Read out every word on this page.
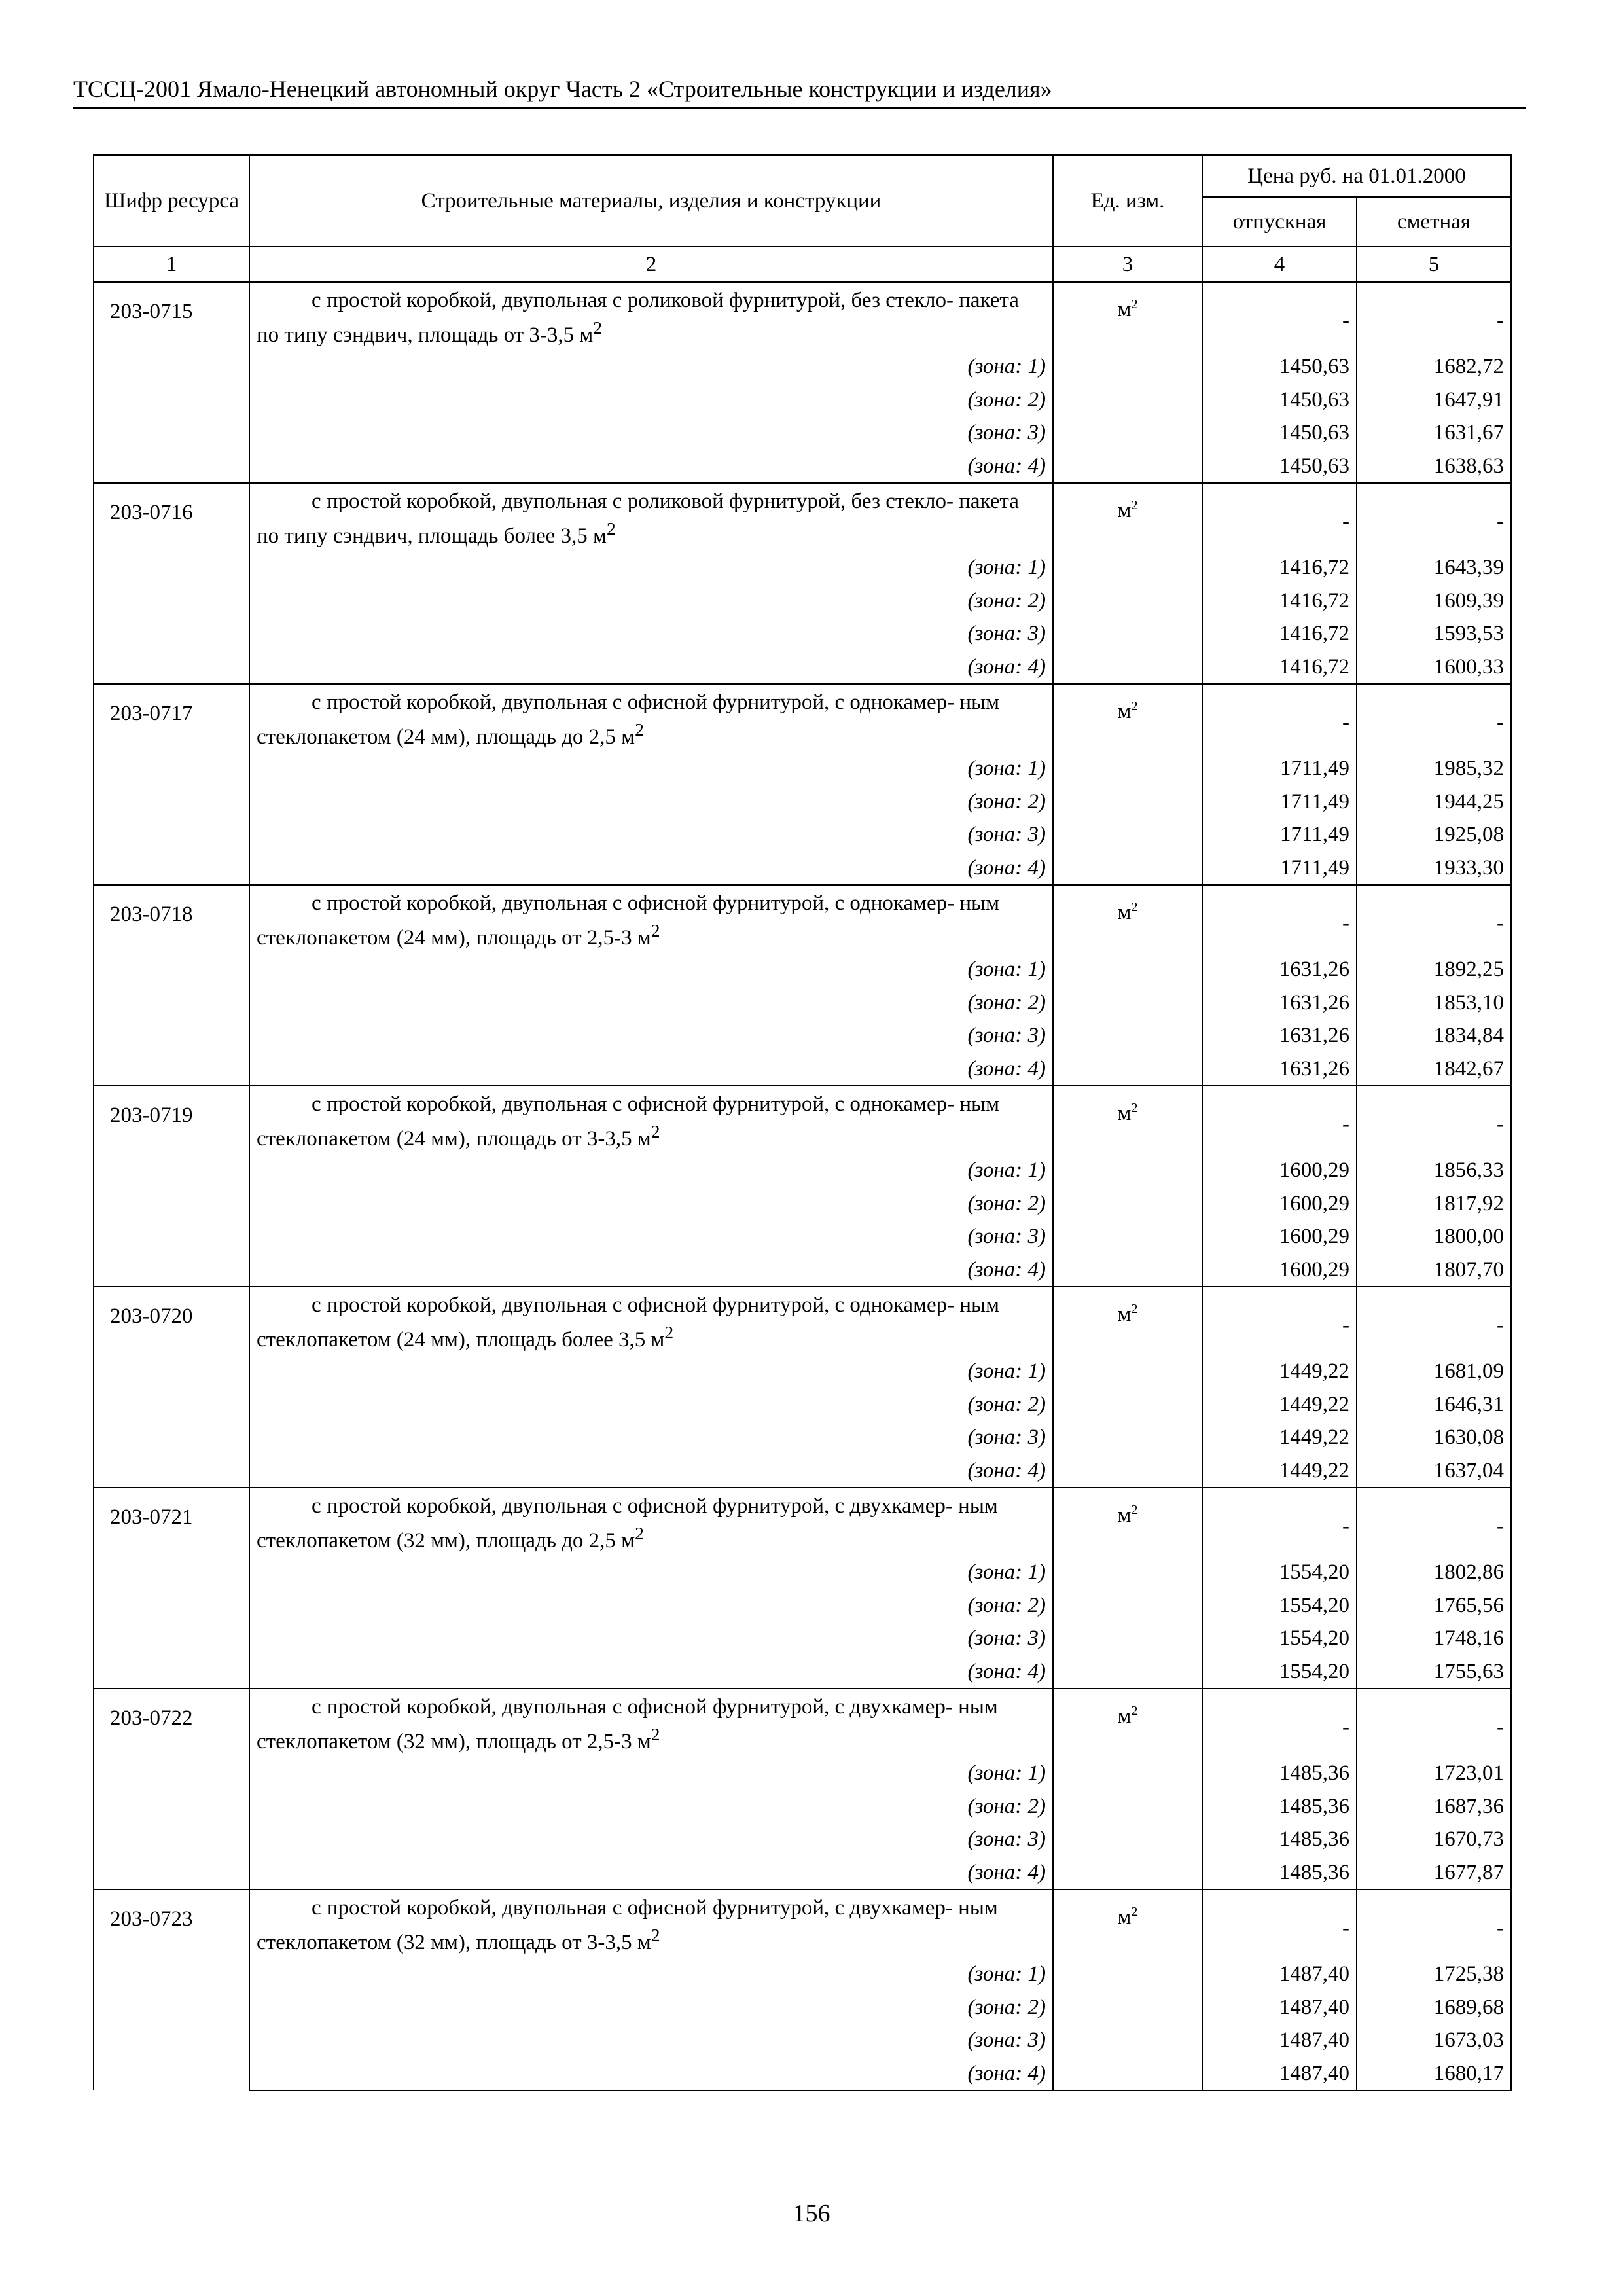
ТССЦ-2001 Ямало-Ненецкий автономный округ Часть 2 «Строительные конструкции и изделия»
Шифр ресурса	Строительные материалы, изделия и конструкции	Ед. изм.	Цена руб. на 01.01.2000	
			отпускная	сметная
1	2	3	4	5
203-0715	с простой коробкой, двупольная с роликовой фурнитурой, без стекло- пакета по типу сэндвич, площадь от 3-3,5 $м^2$	$м^2$	-	-
	(зона: 1)		1450,63	1682,72
	(зона: 2)		1450,63	1647,91
	(зона: 3)		1450,63	1631,67
	(зона: 4)		1450,63	1638,63
203-0716	с простой коробкой, двупольная с роликовой фурнитурой, без стекло- пакета по типу сэндвич, площадь более 3,5 $м^2$	$м^2$	-	-
	(зона: 1)		1416,72	1643,39
	(зона: 2)		1416,72	1609,39
	(зона: 3)		1416,72	1593,53
	(зона: 4)		1416,72	1600,33
203-0717	с простой коробкой, двупольная с офисной фурнитурой, с однокамер- ным стеклопакетом (24 мм), площадь до 2,5 $м^2$	$м^2$	-	-
	(зона: 1)		1711,49	1985,32
	(зона: 2)		1711,49	1944,25
	(зона: 3)		1711,49	1925,08
	(зона: 4)		1711,49	1933,30
203-0718	с простой коробкой, двупольная с офисной фурнитурой, с однокамер- ным стеклопакетом (24 мм), площадь от 2,5-3 $м^2$	$м^2$	-	-
	(зона: 1)		1631,26	1892,25
	(зона: 2)		1631,26	1853,10
	(зона: 3)		1631,26	1834,84
	(зона: 4)		1631,26	1842,67
203-0719	с простой коробкой, двупольная с офисной фурнитурой, с однокамер- ным стеклопакетом (24 мм), площадь от 3-3,5 $м^2$	$м^2$	-	-
	(зона: 1)		1600,29	1856,33
	(зона: 2)		1600,29	1817,92
	(зона: 3)		1600,29	1800,00
	(зона: 4)		1600,29	1807,70
203-0720	с простой коробкой, двупольная с офисной фурнитурой, с однокамер- ным стеклопакетом (24 мм), площадь более 3,5 $м^2$	$м^2$	-	-
	(зона: 1)		1449,22	1681,09
	(зона: 2)		1449,22	1646,31
	(зона: 3)		1449,22	1630,08
	(зона: 4)		1449,22	1637,04
203-0721	с простой коробкой, двупольная с офисной фурнитурой, с двухкамер- ным стеклопакетом (32 мм), площадь до 2,5 $м^2$	$м^2$	-	-
	(зона: 1)		1554,20	1802,86
	(зона: 2)		1554,20	1765,56
	(зона: 3)		1554,20	1748,16
	(зона: 4)		1554,20	1755,63
203-0722	с простой коробкой, двупольная с офисной фурнитурой, с двухкамер- ным стеклопакетом (32 мм), площадь от 2,5-3 $м^2$	$м^2$	-	-
	(зона: 1)		1485,36	1723,01
	(зона: 2)		1485,36	1687,36
	(зона: 3)		1485,36	1670,73
	(зона: 4)		1485,36	1677,87
203-0723	с простой коробкой, двупольная с офисной фурнитурой, с двухкамер- ным стеклопакетом (32 мм), площадь от 3-3,5 $м^2$	$м^2$	-	-
	(зона: 1)		1487,40	1725,38
	(зона: 2)		1487,40	1689,68
	(зона: 3)		1487,40	1673,03
	(зона: 4)		1487,40	1680,17
156
